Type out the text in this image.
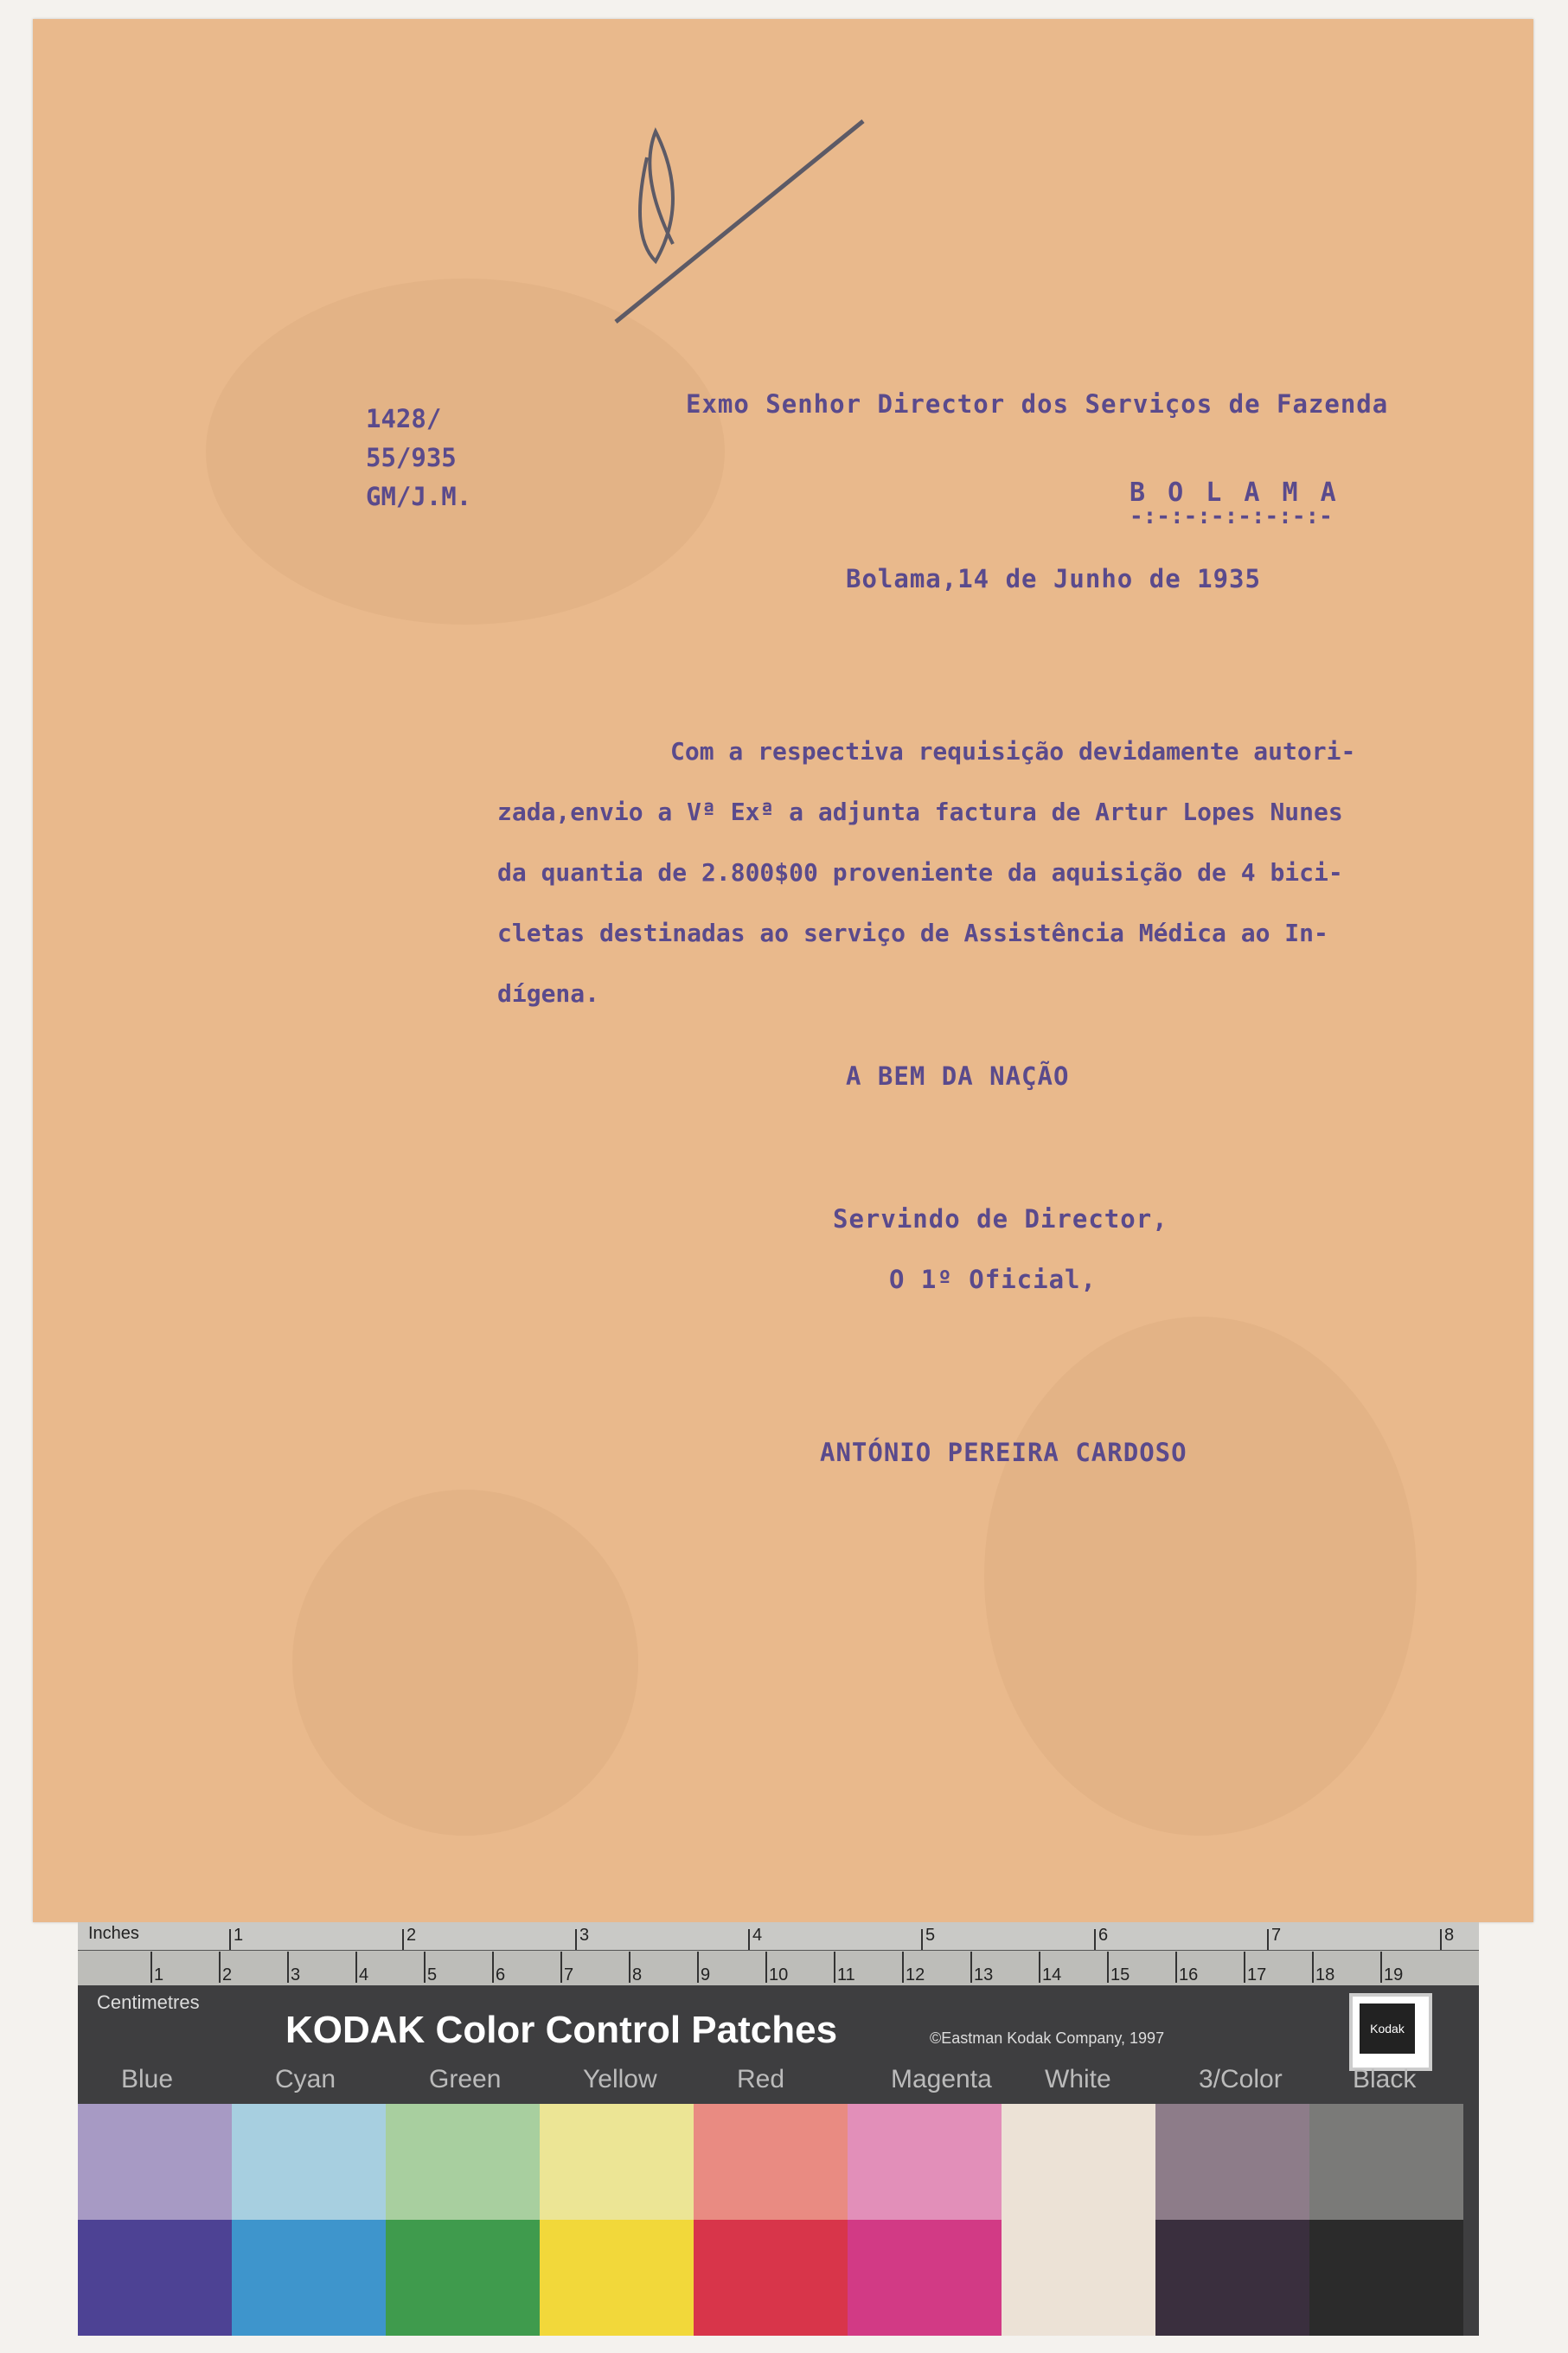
1428/
55/935
GM/J.M.
Exmo Senhor Director dos Serviços de Fazenda
B O L A M A
-:-:-:-:-:-:-:-
Bolama,14 de Junho de 1935
Com a respectiva requisição devidamente autori-
zada,envio a Vª Exª a adjunta factura de Artur Lopes Nunes
da quantia de 2.800$00 proveniente da aquisição de 4 bici-
cletas destinadas ao serviço de Assistência Médica ao In-
dígena.
A BEM DA NAÇÃO
Servindo de Director,
O 1º Oficial,
ANTÓNIO PEREIRA CARDOSO
Inches
Centimetres
1	2	3	4	5	6	7	8
1	2	3	4	5	6	7	8	9	10	11	12	13	14	15	16	17	18	19
KODAK Color Control Patches	©Eastman Kodak Company, 1997
Kodak
Blue	Cyan	Green	Yellow	Red	Magenta White	3/Color	Black
